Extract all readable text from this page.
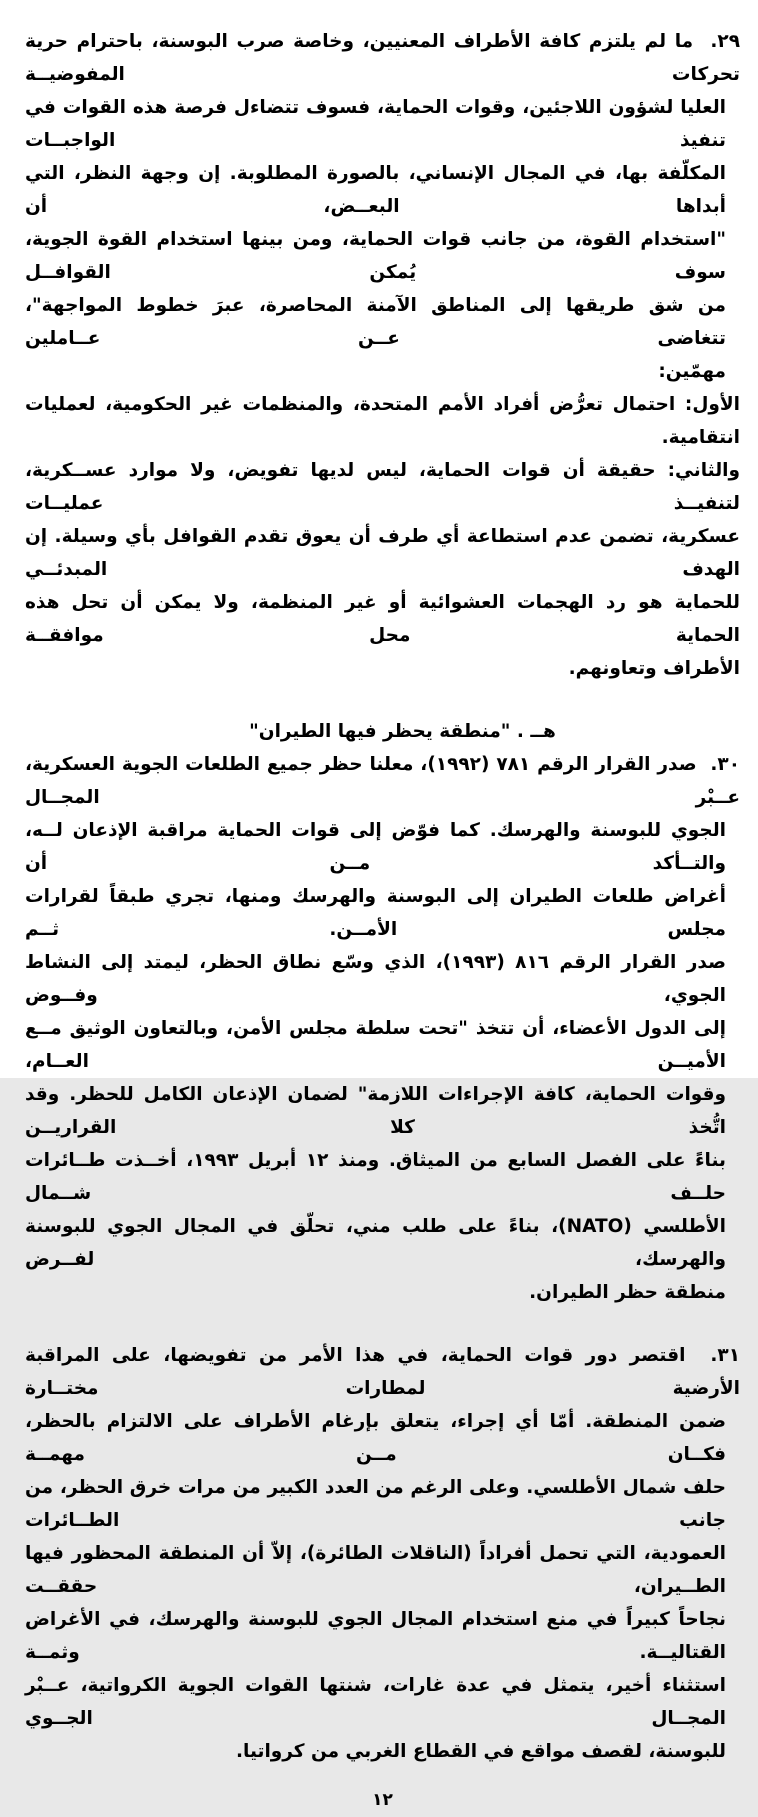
٢٩.  ما لم يلتزم كافة الأطراف المعنيين، وخاصة صرب البوسنة، باحترام حرية تحركات المفوضيــة
العليا لشؤون اللاجئين، وقوات الحماية، فسوف تتضاءل فرصة هذه القوات في تنفيذ الواجبــات
المكلّفة بها، في المجال الإنساني، بالصورة المطلوبة. إن وجهة النظر، التي أبداها البعــض، أن
"استخدام القوة، من جانب قوات الحماية، ومن بينها استخدام القوة الجوية، سوف يُمكن القوافــل
من شق طريقها إلى المناطق الآمنة المحاصرة، عبرَ خطوط المواجهة"، تتغاضى عــن عــاملين
مهمّين:
الأول: احتمال تعرُّض أفراد الأمم المتحدة، والمنظمات غير الحكومية، لعمليات انتقامية.
والثاني: حقيقة أن قوات الحماية، ليس لديها تفويض، ولا موارد عســكرية، لتنفيــذ عمليــات
عسكرية، تضمن عدم استطاعة أي طرف أن يعوق تقدم القوافل بأي وسيلة. إن الهدف المبدئــي
للحماية هو رد الهجمات العشوائية أو غير المنظمة، ولا يمكن أن تحل هذه الحماية محل موافقــة
الأطراف وتعاونهم.
هــ . "منطقة يحظر فيها الطيران"
٣٠.  صدر القرار الرقم ٧٨١ (١٩٩٢)، معلنا حظر جميع الطلعات الجوية العسكرية، عــبْر المجــال
الجوي للبوسنة والهرسك. كما فوّض إلى قوات الحماية مراقبة الإذعان لــه، والتــأكد مــن أن
أغراض طلعات الطيران إلى البوسنة والهرسك ومنها، تجري طبقاً لقرارات مجلس الأمــن. ثــم
صدر القرار الرقم ٨١٦ (١٩٩٣)، الذي وسّع نطاق الحظر، ليمتد إلى النشاط الجوي، وفــوض
إلى الدول الأعضاء، أن تتخذ "تحت سلطة مجلس الأمن، وبالتعاون الوثيق مــع الأميــن العــام،
وقوات الحماية، كافة الإجراءات اللازمة" لضمان الإذعان الكامل للحظر. وقد اتُّخذ كلا القراريــن
بناءً على الفصل السابع من الميثاق. ومنذ ١٢ أبريل ١٩٩٣، أخــذت طــائرات حلــف شــمال
الأطلسي (NATO)، بناءً على طلب مني، تحلّق في المجال الجوي للبوسنة والهرسك، لفــرض
منطقة حظر الطيران.
٣١.  اقتصر دور قوات الحماية، في هذا الأمر من تفويضها، على المراقبة الأرضية لمطارات مختــارة
ضمن المنطقة. أمّا أي إجراء، يتعلق بإرغام الأطراف على الالتزام بالحظر، فكــان مــن مهمــة
حلف شمال الأطلسي. وعلى الرغم من العدد الكبير من مرات خرق الحظر، من جانب الطــائرات
العمودية، التي تحمل أفراداً (الناقلات الطائرة)، إلاّ أن المنطقة المحظور فيها الطــيران، حققــت
نجاحاً كبيراً في منع استخدام المجال الجوي للبوسنة والهرسك، في الأغراض القتاليــة. وثمــة
استثناء أخير، يتمثل في عدة غارات، شنتها القوات الجوية الكرواتية، عــبْر المجــال الجــوي
للبوسنة، لقصف مواقع في القطاع الغربي من كرواتيا.
١٢
